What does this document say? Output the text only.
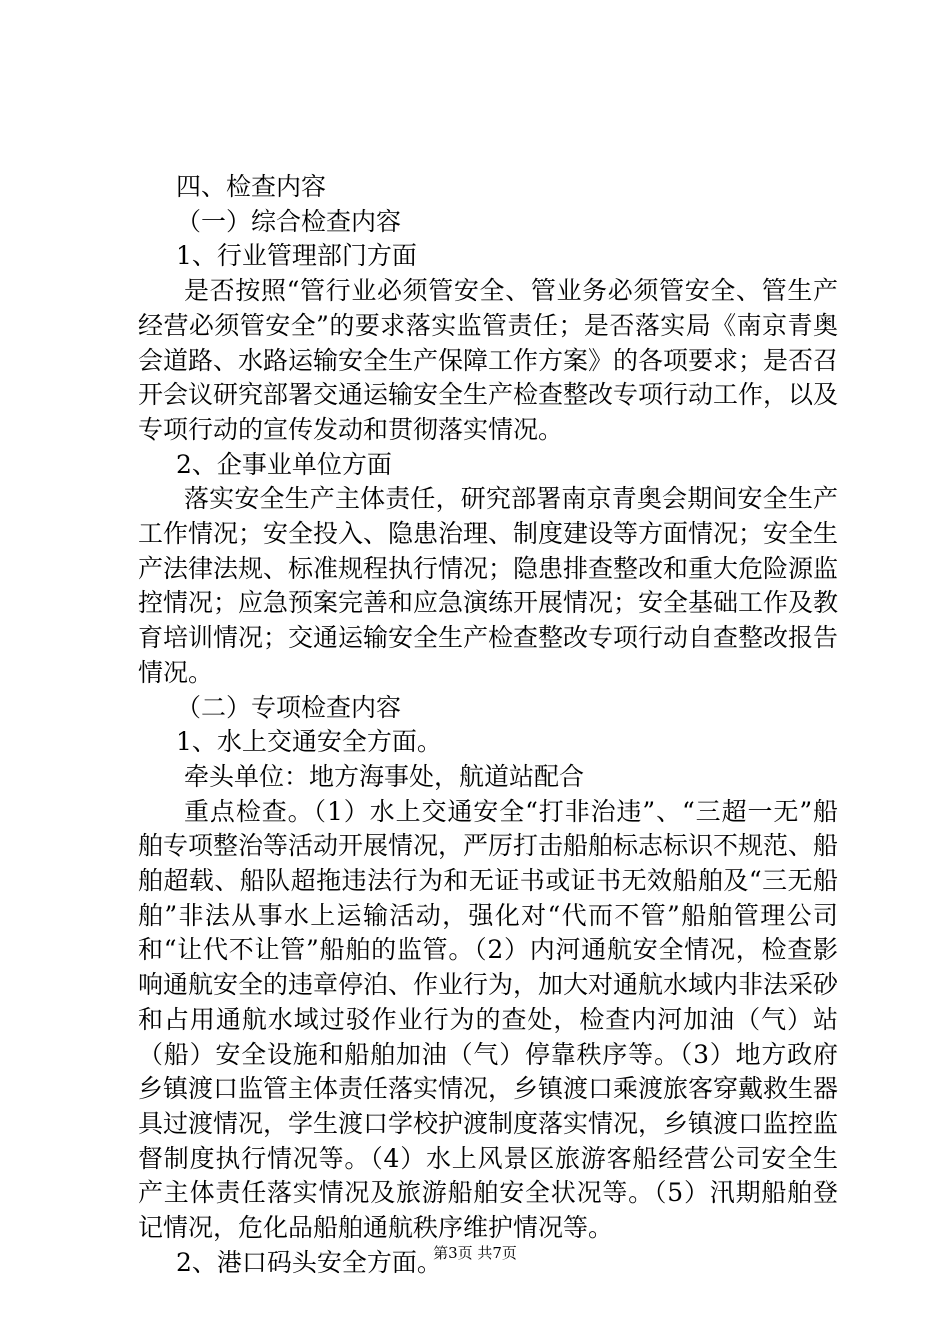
四、检查内容

（一）综合检查内容

1、行业管理部门方面

是否按照“管行业必须管安全、管业务必须管安全、管生产经营必须管安全”的要求落实监管责任；是否落实局《南京青奥会道路、水路运输安全生产保障工作方案》的各项要求；是否召开会议研究部署交通运输安全生产检查整改专项行动工作，以及专项行动的宣传发动和贯彻落实情况。

2、企事业单位方面

落实安全生产主体责任，研究部署南京青奥会期间安全生产工作情况；安全投入、隐患治理、制度建设等方面情况；安全生产法律法规、标准规程执行情况；隐患排查整改和重大危险源监控情况；应急预案完善和应急演练开展情况；安全基础工作及教育培训情况；交通运输安全生产检查整改专项行动自查整改报告情况。

（二）专项检查内容

1、水上交通安全方面。

牵头单位：地方海事处，航道站配合

重点检查。（1）水上交通安全“打非治违”、“三超一无”船舶专项整治等活动开展情况，严厉打击船舶标志标识不规范、船舶超载、船队超拖违法行为和无证书或证书无效船舶及“三无船舶”非法从事水上运输活动，强化对“代而不管”船舶管理公司和“让代不让管”船舶的监管。（2）内河通航安全情况，检查影响通航安全的违章停泊、作业行为，加大对通航水域内非法采砂和占用通航水域过驳作业行为的查处，检查内河加油（气）站（船）安全设施和船舶加油（气）停靠秩序等。（3）地方政府乡镇渡口监管主体责任落实情况，乡镇渡口乘渡旅客穿戴救生器具过渡情况，学生渡口学校护渡制度落实情况，乡镇渡口监控监督制度执行情况等。（4）水上风景区旅游客船经营公司安全生产主体责任落实情况及旅游船舶安全状况等。（5）汛期船舶登记情况，危化品船舶通航秩序维护情况等。

2、港口码头安全方面。

第3页 共7页
